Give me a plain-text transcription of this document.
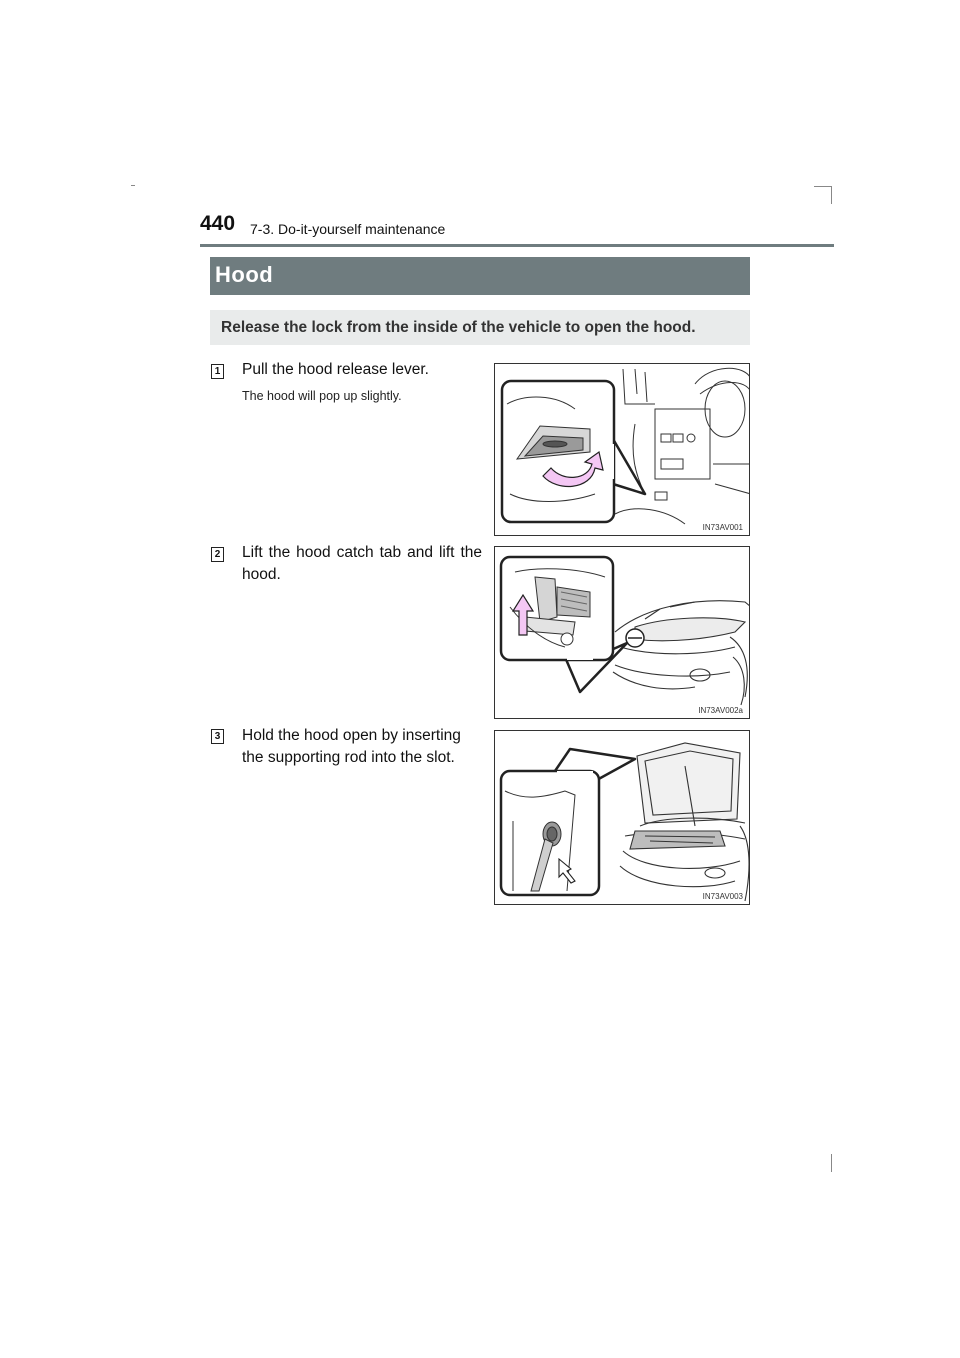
440 7-3. Do-it-yourself maintenance
Hood
Release the lock from the inside of the vehicle to open the hood.
1 Pull the hood release lever.
The hood will pop up slightly.
IN73AV001
2 Lift the hood catch tab and lift the hood.
IN73AV002a
3 Hold the hood open by inserting the supporting rod into the slot.
IN73AV003
